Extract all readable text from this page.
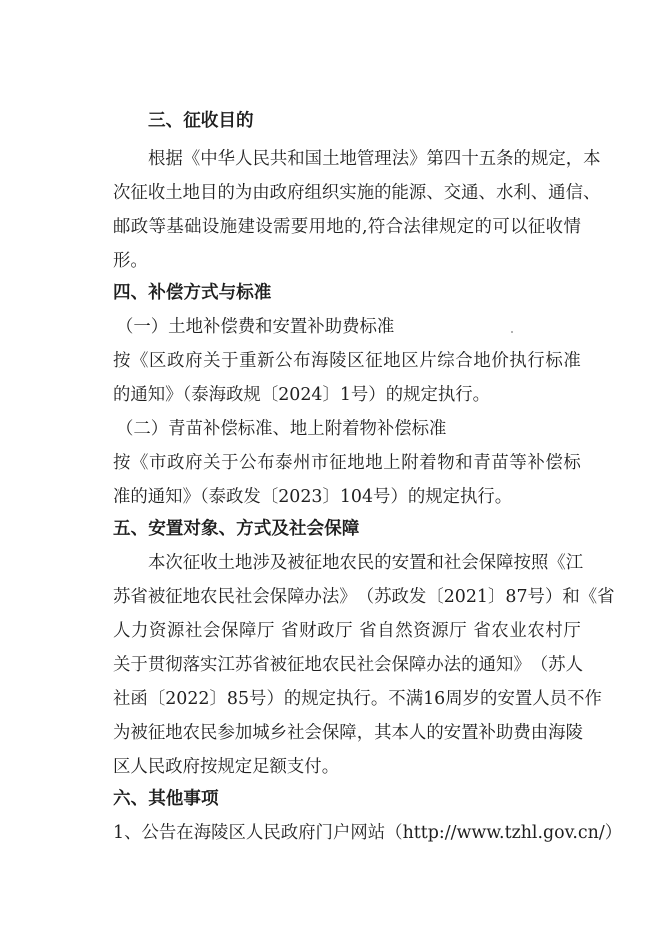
三、征收目的
根 据 《 中 华 人 民 共 和 国 土 地 管 理 法 》 第 四 十 五 条 的 规 定 ， 本
次 征 收 土 地 目 的 为 由 政 府 组 织 实 施 的 能 源 、 交 通 、 水 利 、 通 信 、
邮 政 等 基 础 设 施 建 设 需 要 用 地 的 , 符 合 法 律 规 定 的 可 以 征 收 情
形。
四、补偿方式与标准
（一）土地补偿费和安置补助费标准
按 《 区 政 府 关 于 重 新 公 布 海 陵 区 征 地 区 片 综 合 地 价 执 行 标 准
的通知》（泰海政规〔2024〕1号）的规定执行。
（二）青苗补偿标准、地上附着物补偿标准
按 《 市 政 府 关 于 公 布 泰 州 市 征 地 地 上 附 着 物 和 青 苗 等 补 偿 标
准的通知》（泰政发〔2023〕104号）的规定执行。
五、安置对象、方式及社会保障
本 次 征 收 土 地 涉 及 被 征 地 农 民 的 安 置 和 社 会 保 障 按 照 《 江
苏 省 被 征 地 农 民 社 会 保 障 办 法 》 （ 苏 政 发 〔 2021 〕 87 号 ） 和 《 省
人 力 资 源 社 会 保 障 厅
省 财 政 厅
省 自 然 资 源 厅
省 农 业 农 村 厅
关 于 贯 彻 落 实 江 苏 省 被 征 地 农 民 社 会 保 障 办 法 的 通 知 》 （ 苏 人
社 函 〔 2022 〕 85 号 ） 的 规 定 执 行 。 不 满 16 周 岁 的 安 置 人 员 不 作
为 被 征 地 农 民 参 加 城 乡 社 会 保 障 ， 其 本 人 的 安 置 补 助 费 由 海 陵
区人民政府按规定足额支付。
六、其他事项
1 、 公 告 在 海 陵 区 人 民 政 府 门 户 网 站 （ http://www.tzhl.gov.cn/ ）
